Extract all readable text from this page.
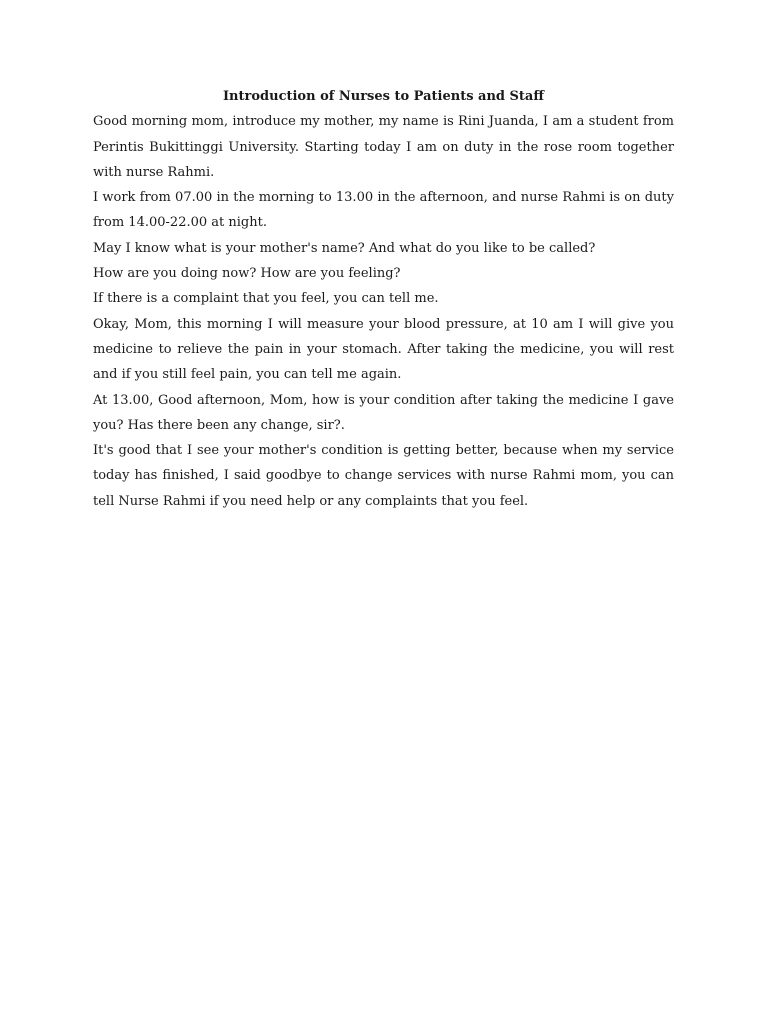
Introduction of Nurses to Patients and Staff

Good morning mom, introduce my mother, my name is Rini Juanda, I am a student from Perintis Bukittinggi University. Starting today I am on duty in the rose room together with nurse Rahmi.

I work from 07.00 in the morning to 13.00 in the afternoon, and nurse Rahmi is on duty from 14.00-22.00 at night.

May I know what is your mother's name? And what do you like to be called?

How are you doing now? How are you feeling?

If there is a complaint that you feel, you can tell me.

Okay, Mom, this morning I will measure your blood pressure, at 10 am I will give you medicine to relieve the pain in your stomach. After taking the medicine, you will rest and if you still feel pain, you can tell me again.

At 13.00, Good afternoon, Mom, how is your condition after taking the medicine I gave you? Has there been any change, sir?.

It's good that I see your mother's condition is getting better, because when my service today has finished, I said goodbye to change services with nurse Rahmi mom, you can tell Nurse Rahmi if you need help or any complaints that you feel.
